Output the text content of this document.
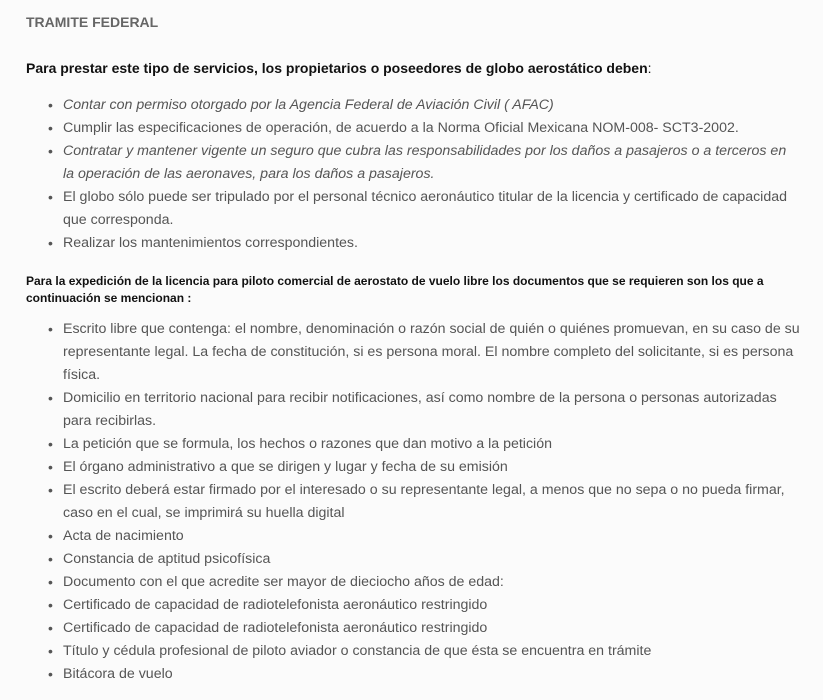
TRAMITE FEDERAL

Para prestar este tipo de servicios, los propietarios o poseedores de globo aerostático deben:

• Contar con permiso otorgado por la Agencia Federal de Aviación Civil ( AFAC)
• Cumplir las especificaciones de operación, de acuerdo a la Norma Oficial Mexicana NOM-008- SCT3-2002.
• Contratar y mantener vigente un seguro que cubra las responsabilidades por los daños a pasajeros o a terceros en la operación de las aeronaves, para los daños a pasajeros.
• El globo sólo puede ser tripulado por el personal técnico aeronáutico titular de la licencia y certificado de capacidad que corresponda.
• Realizar los mantenimientos correspondientes.

Para la expedición de la licencia para piloto comercial de aerostato de vuelo libre los documentos que se requieren son los que a continuación se mencionan :

• Escrito libre que contenga: el nombre, denominación o razón social de quién o quiénes promuevan, en su caso de su representante legal. La fecha de constitución, si es persona moral. El nombre completo del solicitante, si es persona física.
• Domicilio en territorio nacional para recibir notificaciones, así como nombre de la persona o personas autorizadas para recibirlas.
• La petición que se formula, los hechos o razones que dan motivo a la petición
• El órgano administrativo a que se dirigen y lugar y fecha de su emisión
• El escrito deberá estar firmado por el interesado o su representante legal, a menos que no sepa o no pueda firmar, caso en el cual, se imprimirá su huella digital
• Acta de nacimiento
• Constancia de aptitud psicofísica
• Documento con el que acredite ser mayor de dieciocho años de edad:
• Certificado de capacidad de radiotelefonista aeronáutico restringido
• Certificado de capacidad de radiotelefonista aeronáutico restringido
• Título y cédula profesional de piloto aviador o constancia de que ésta se encuentra en trámite
• Bitácora de vuelo
